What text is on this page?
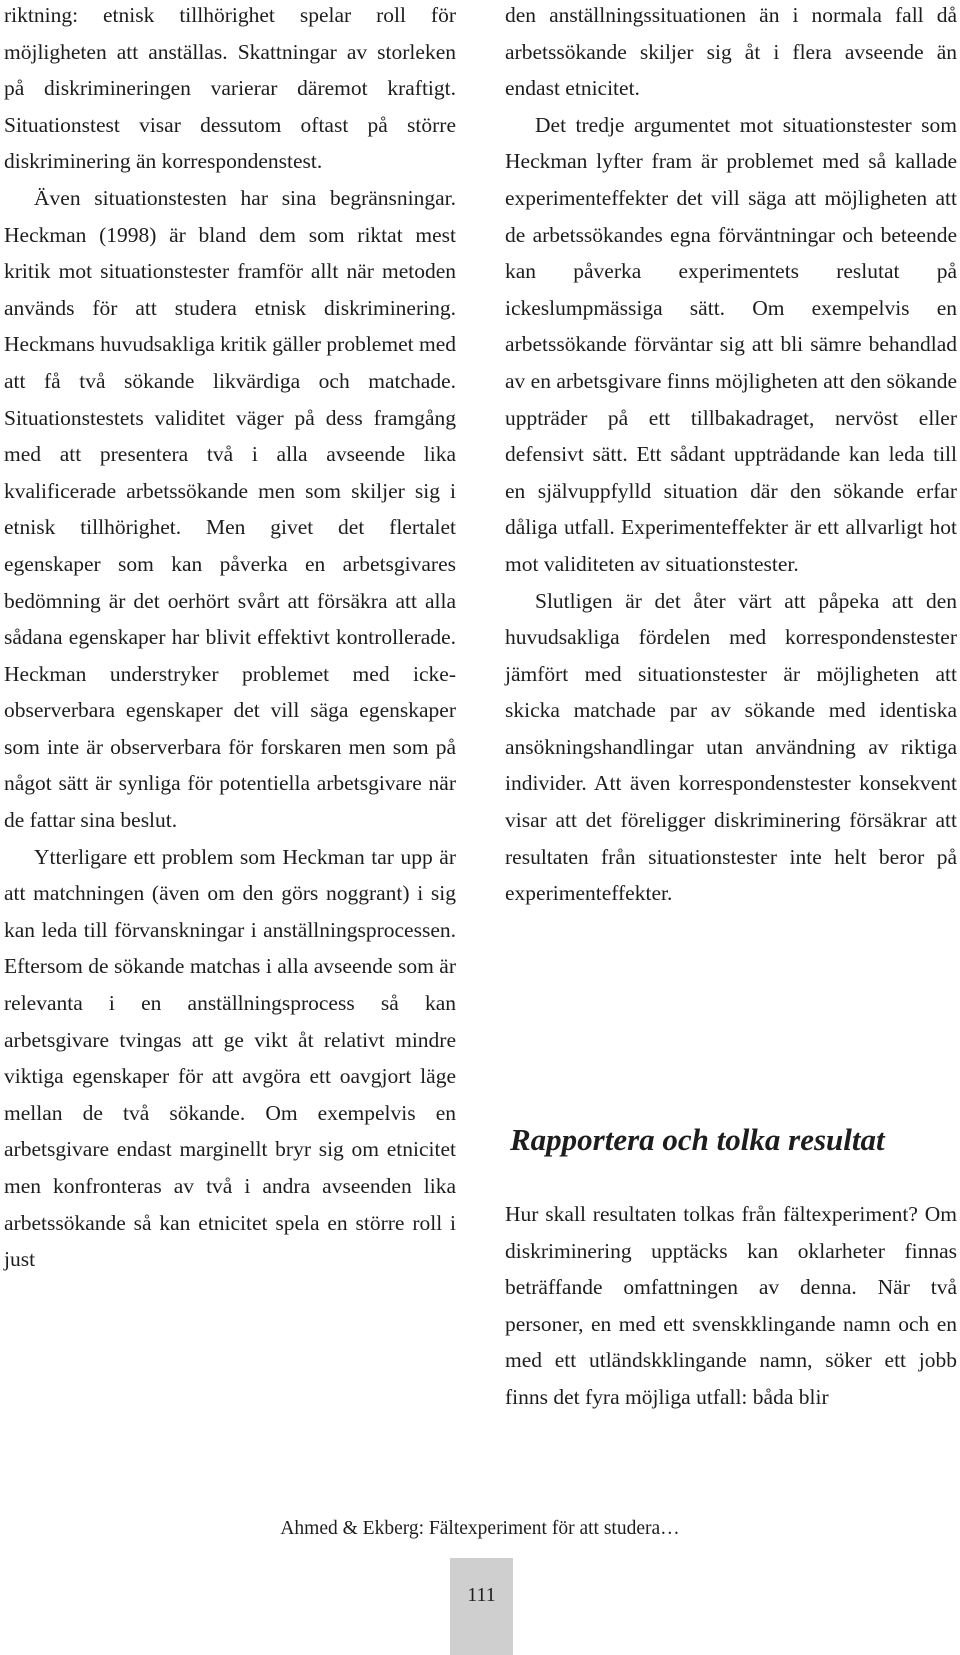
riktning: etnisk tillhörighet spelar roll för möjligheten att anställas. Skattningar av storleken på diskrimineringen varierar däremot kraftigt. Situationstest visar dessutom oftast på större diskriminering än korrespondenstest.

Även situationstesten har sina begränsningar. Heckman (1998) är bland dem som riktat mest kritik mot situationstester framför allt när metoden används för att studera etnisk diskriminering. Heckmans huvudsakliga kritik gäller problemet med att få två sökande likvärdiga och matchade. Situationstestets validitet väger på dess framgång med att presentera två i alla avseende lika kvalificerade arbetssökande men som skiljer sig i etnisk tillhörighet. Men givet det flertalet egenskaper som kan påverka en arbetsgivares bedömning är det oerhört svårt att försäkra att alla sådana egenskaper har blivit effektivt kontrollerade. Heckman understryker problemet med icke-observerbara egenskaper det vill säga egenskaper som inte är observerbara för forskaren men som på något sätt är synliga för potentiella arbetsgivare när de fattar sina beslut.

Ytterligare ett problem som Heckman tar upp är att matchningen (även om den görs noggrant) i sig kan leda till förvanskningar i anställningsprocessen. Eftersom de sökande matchas i alla avseende som är relevanta i en anställningsprocess så kan arbetsgivare tvingas att ge vikt åt relativt mindre viktiga egenskaper för att avgöra ett oavgjort läge mellan de två sökande. Om exempelvis en arbetsgivare endast marginellt bryr sig om etnicitet men konfronteras av två i andra avseenden lika arbetssökande så kan etnicitet spela en större roll i just

den anställningssituationen än i normala fall då arbetssökande skiljer sig åt i flera avseende än endast etnicitet.

Det tredje argumentet mot situationstester som Heckman lyfter fram är problemet med så kallade experimenteffekter det vill säga att möjligheten att de arbetssökandes egna förväntningar och beteende kan påverka experimentets reslutat på ickeslumpmässiga sätt. Om exempelvis en arbetssökande förväntar sig att bli sämre behandlad av en arbetsgivare finns möjligheten att den sökande uppträder på ett tillbakadraget, nervöst eller defensivt sätt. Ett sådant uppträdande kan leda till en självuppfylld situation där den sökande erfar dåliga utfall. Experimenteffekter är ett allvarligt hot mot validiteten av situationstester.

Slutligen är det åter värt att påpeka att den huvudsakliga fördelen med korrespondenstester jämfört med situationstester är möjligheten att skicka matchade par av sökande med identiska ansökningshandlingar utan användning av riktiga individer. Att även korrespondenstester konsekvent visar att det föreligger diskriminering försäkrar att resultaten från situationstester inte helt beror på experimenteffekter.

Rapportera och tolka resultat

Hur skall resultaten tolkas från fältexperiment? Om diskriminering upptäcks kan oklarheter finnas beträffande omfattningen av denna. När två personer, en med ett svenskklingande namn och en med ett utländskklingande namn, söker ett jobb finns det fyra möjliga utfall: båda blir

Ahmed & Ekberg: Fältexperiment för att studera…
111
